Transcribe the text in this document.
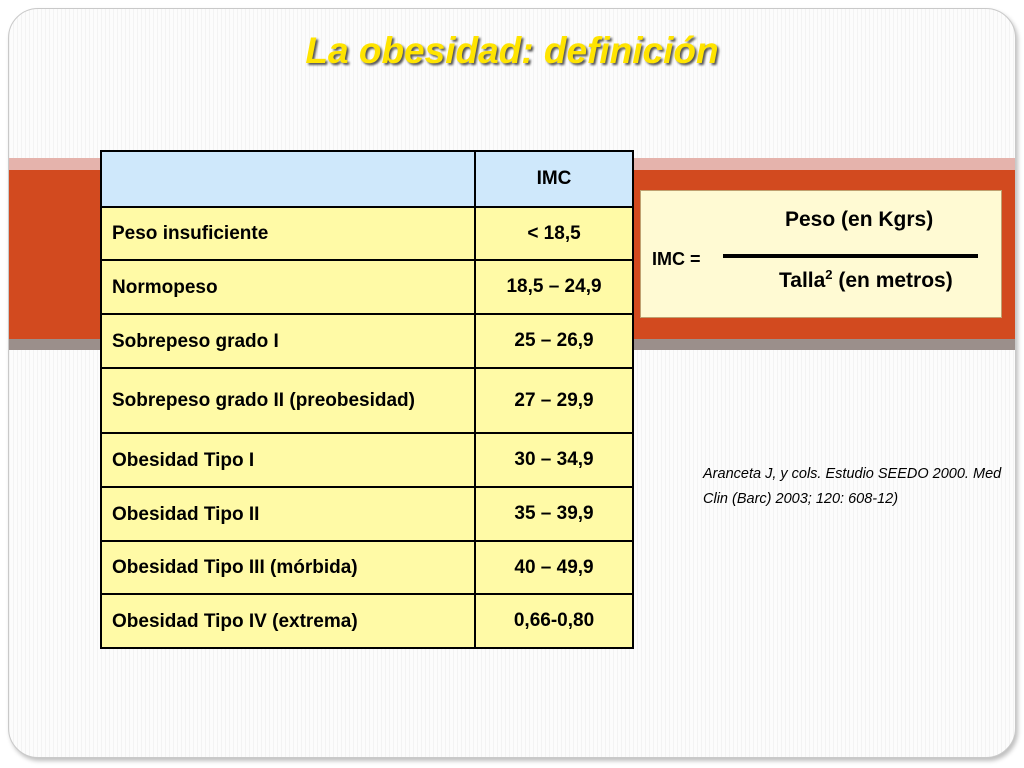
La obesidad: definición
	IMC
Peso insuficiente	< 18,5
Normopeso	18,5 – 24,9
Sobrepeso grado I	25 – 26,9
Sobrepeso grado II (preobesidad)	27 – 29,9
Obesidad Tipo I	30 – 34,9
Obesidad Tipo II	35 – 39,9
Obesidad Tipo III (mórbida)	40 – 49,9
Obesidad Tipo IV (extrema)	0,66-0,80
IMC =
Peso (en Kgrs)
Talla$^2$ (en metros)
Aranceta J, y cols. Estudio SEEDO 2000. Med Clin (Barc) 2003; 120: 608-12)
